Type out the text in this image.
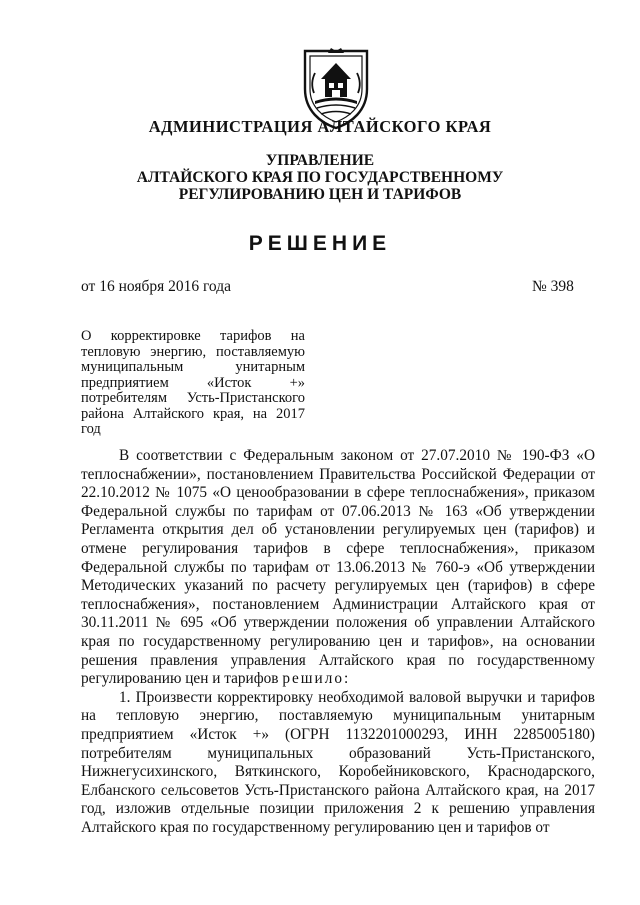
АДМИНИСТРАЦИЯ АЛТАЙСКОГО КРАЯ
УПРАВЛЕНИЕ
АЛТАЙСКОГО КРАЯ ПО ГОСУДАРСТВЕННОМУ
РЕГУЛИРОВАНИЮ ЦЕН И ТАРИФОВ
РЕШЕНИЕ
от 16 ноября 2016 года	№ 398
О корректировке тарифов на тепловую энергию, поставляемую муниципальным унитарным предприятием «Исток +» потребителям Усть-Пристанского района Алтайского края, на 2017 год

В соответствии с Федеральным законом от 27.07.2010 № 190-ФЗ «О теплоснабжении», постановлением Правительства Российской Федерации от 22.10.2012 № 1075 «О ценообразовании в сфере теплоснабжения», приказом Федеральной службы по тарифам от 07.06.2013 № 163 «Об утверждении Регламента открытия дел об установлении регулируемых цен (тарифов) и отмене регулирования тарифов в сфере теплоснабжения», приказом Федеральной службы по тарифам от 13.06.2013 № 760-э «Об утверждении Методических указаний по расчету регулируемых цен (тарифов) в сфере теплоснабжения», постановлением Администрации Алтайского края от 30.11.2011 № 695 «Об утверждении положения об управлении Алтайского края по государственному регулированию цен и тарифов», на основании решения правления управления Алтайского края по государственному регулированию цен и тарифов решило:

1. Произвести корректировку необходимой валовой выручки и тарифов на тепловую энергию, поставляемую муниципальным унитарным предприятием «Исток +» (ОГРН 1132201000293, ИНН 2285005180) потребителям муниципальных образований Усть-Пристанского, Нижнегусихинского, Вяткинского, Коробейниковского, Краснодарского, Елбанского сельсоветов Усть-Пристанского района Алтайского края, на 2017 год, изложив отдельные позиции приложения 2 к решению управления Алтайского края по государственному регулированию цен и тарифов от
